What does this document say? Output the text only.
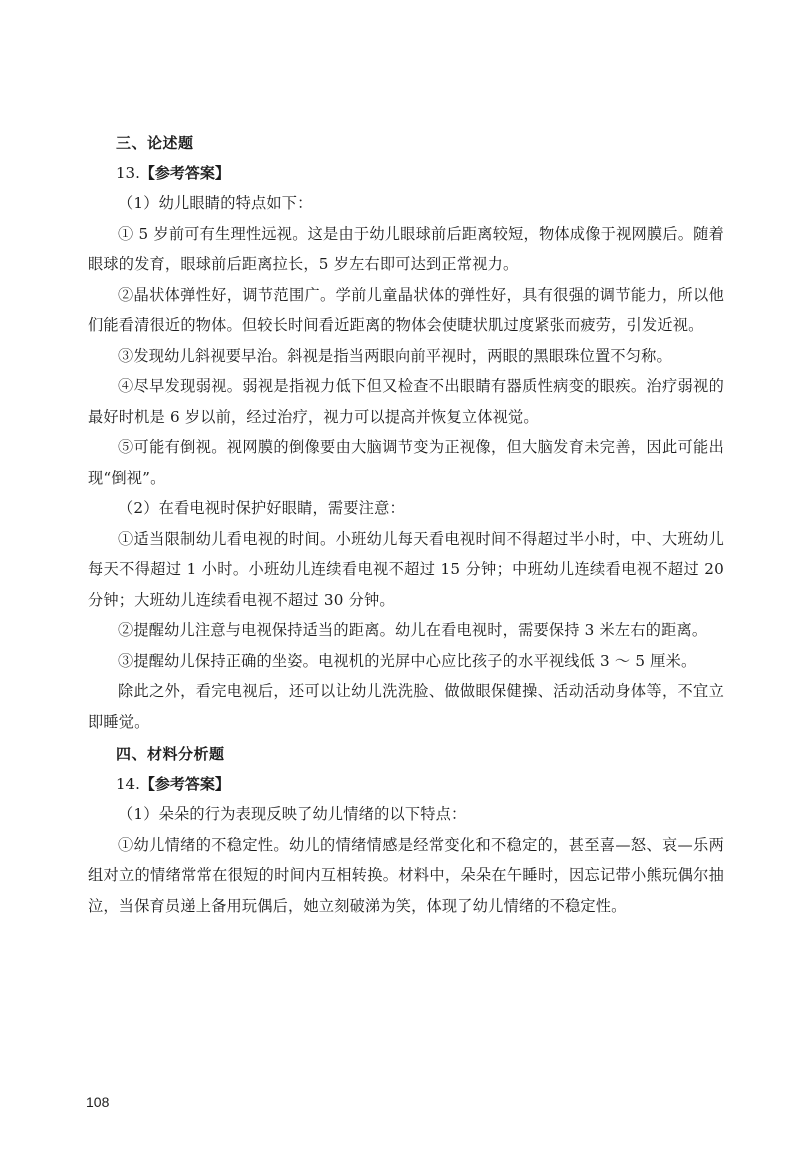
三、论述题
13.【参考答案】

（1）幼儿眼睛的特点如下：

① 5 岁前可有生理性远视。这是由于幼儿眼球前后距离较短，物体成像于视网膜后。随着眼球的发育，眼球前后距离拉长，5 岁左右即可达到正常视力。

②晶状体弹性好，调节范围广。学前儿童晶状体的弹性好，具有很强的调节能力，所以他们能看清很近的物体。但较长时间看近距离的物体会使睫状肌过度紧张而疲劳，引发近视。

③发现幼儿斜视要早治。斜视是指当两眼向前平视时，两眼的黑眼珠位置不匀称。

④尽早发现弱视。弱视是指视力低下但又检查不出眼睛有器质性病变的眼疾。治疗弱视的最好时机是 6 岁以前，经过治疗，视力可以提高并恢复立体视觉。

⑤可能有倒视。视网膜的倒像要由大脑调节变为正视像，但大脑发育未完善，因此可能出现“倒视”。

（2）在看电视时保护好眼睛，需要注意：

①适当限制幼儿看电视的时间。小班幼儿每天看电视时间不得超过半小时，中、大班幼儿每天不得超过 1 小时。小班幼儿连续看电视不超过 15 分钟；中班幼儿连续看电视不超过 20 分钟；大班幼儿连续看电视不超过 30 分钟。

②提醒幼儿注意与电视保持适当的距离。幼儿在看电视时，需要保持 3 米左右的距离。

③提醒幼儿保持正确的坐姿。电视机的光屏中心应比孩子的水平视线低 3 ～ 5 厘米。

除此之外，看完电视后，还可以让幼儿洗洗脸、做做眼保健操、活动活动身体等，不宜立即睡觉。

四、材料分析题
14.【参考答案】

（1）朵朵的行为表现反映了幼儿情绪的以下特点：

①幼儿情绪的不稳定性。幼儿的情绪情感是经常变化和不稳定的，甚至喜—怒、哀—乐两组对立的情绪常常在很短的时间内互相转换。材料中，朵朵在午睡时，因忘记带小熊玩偶尔抽泣，当保育员递上备用玩偶后，她立刻破涕为笑，体现了幼儿情绪的不稳定性。

108
